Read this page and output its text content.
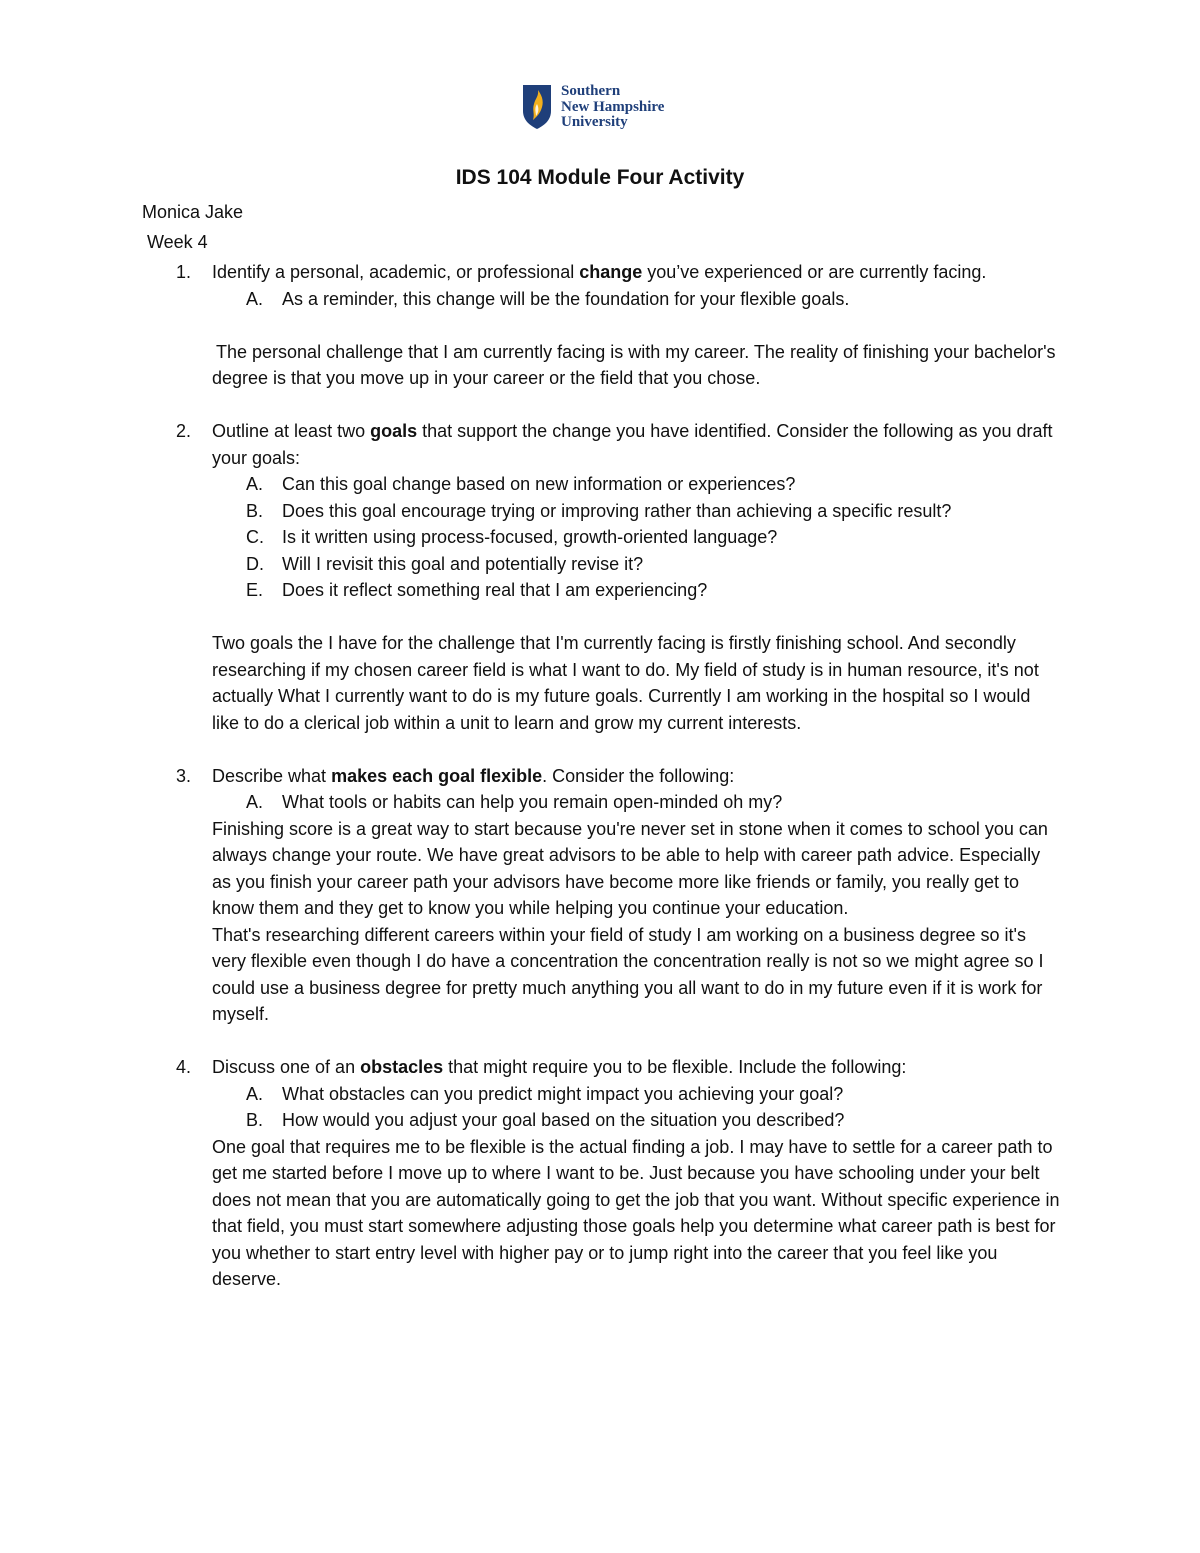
Southern
New Hampshire
University
IDS 104 Module Four Activity
Monica Jake
Week 4
1. Identify a personal, academic, or professional change you’ve experienced or are currently facing.
A. As a reminder, this change will be the foundation for your flexible goals.
The personal challenge that I am currently facing is with my career. The reality of finishing your bachelor's degree is that you move up in your career or the field that you chose.
2. Outline at least two goals that support the change you have identified. Consider the following as you draft your goals:
A. Can this goal change based on new information or experiences?
B. Does this goal encourage trying or improving rather than achieving a specific result?
C. Is it written using process-focused, growth-oriented language?
D. Will I revisit this goal and potentially revise it?
E. Does it reflect something real that I am experiencing?
Two goals the I have for the challenge that I'm currently facing is firstly finishing school. And secondly researching if my chosen career field is what I want to do. My field of study is in human resource, it's not actually What I currently want to do is my future goals. Currently I am working in the hospital so I would like to do a clerical job within a unit to learn and grow my current interests.
3. Describe what makes each goal flexible. Consider the following:
A. What tools or habits can help you remain open-minded oh my?
Finishing score is a great way to start because you're never set in stone when it comes to school you can always change your route. We have great advisors to be able to help with career path advice. Especially as you finish your career path your advisors have become more like friends or family, you really get to know them and they get to know you while helping you continue your education.
That's researching different careers within your field of study I am working on a business degree so it's very flexible even though I do have a concentration the concentration really is not so we might agree so I could use a business degree for pretty much anything you all want to do in my future even if it is work for myself.
4. Discuss one of an obstacles that might require you to be flexible. Include the following:
A. What obstacles can you predict might impact you achieving your goal?
B. How would you adjust your goal based on the situation you described?
One goal that requires me to be flexible is the actual finding a job. I may have to settle for a career path to get me started before I move up to where I want to be. Just because you have schooling under your belt does not mean that you are automatically going to get the job that you want. Without specific experience in that field, you must start somewhere adjusting those goals help you determine what career path is best for you whether to start entry level with higher pay or to jump right into the career that you feel like you deserve.
